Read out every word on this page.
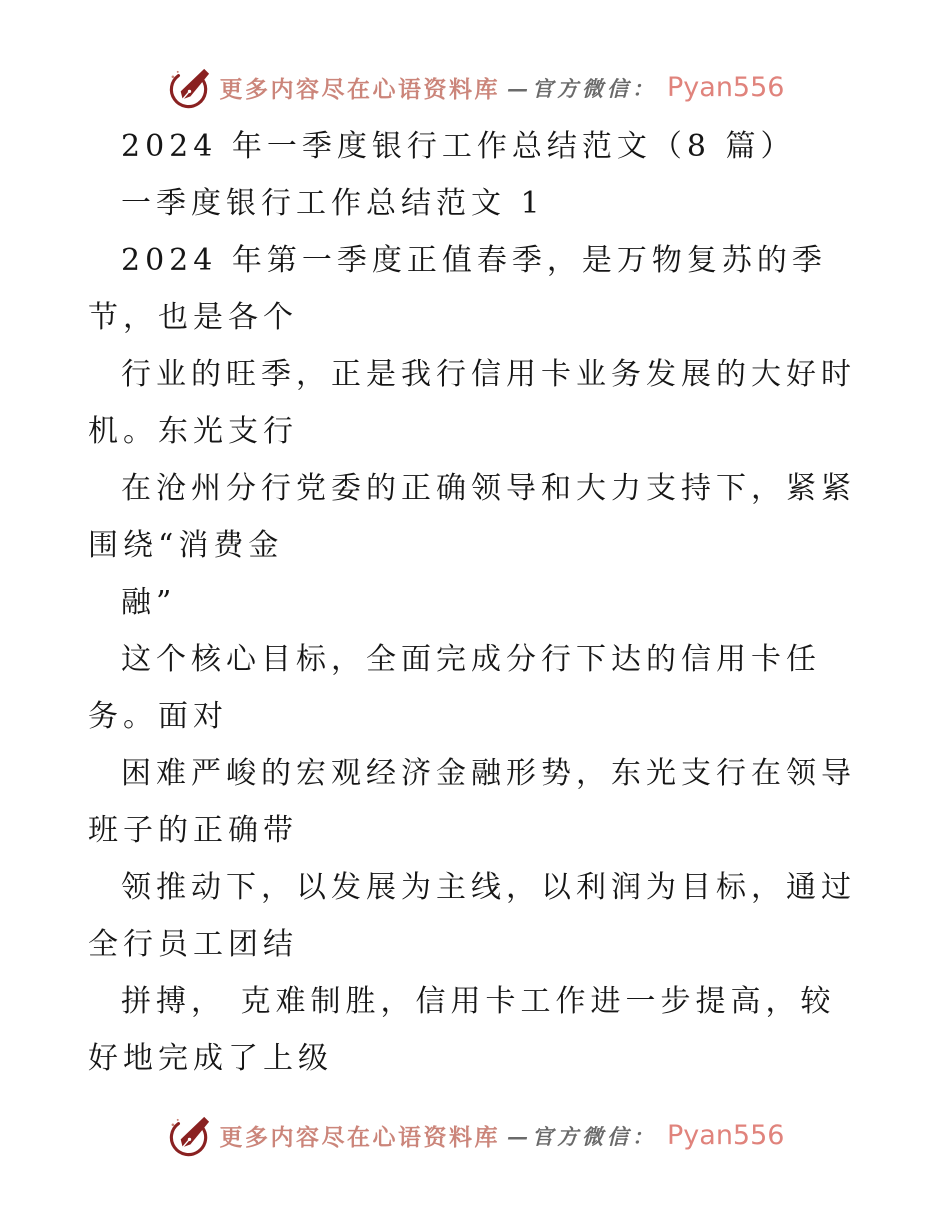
更多内容尽在心语资料库 —官方微信： Pyan556
2024 年一季度银行工作总结范文（8 篇）
一季度银行工作总结范文 1
2024 年第一季度正值春季，是万物复苏的季
节，也是各个
行业的旺季，正是我行信用卡业务发展的大好时
机。东光支行
在沧州分行党委的正确领导和大力支持下，紧紧
围绕“消费金
融”
这个核心目标，全面完成分行下达的信用卡任
务。面对
困难严峻的宏观经济金融形势，东光支行在领导
班子的正确带
领推动下，以发展为主线，以利润为目标，通过
全行员工团结
拼搏， 克难制胜，信用卡工作进一步提高，较
好地完成了上级
更多内容尽在心语资料库 —官方微信： Pyan556
